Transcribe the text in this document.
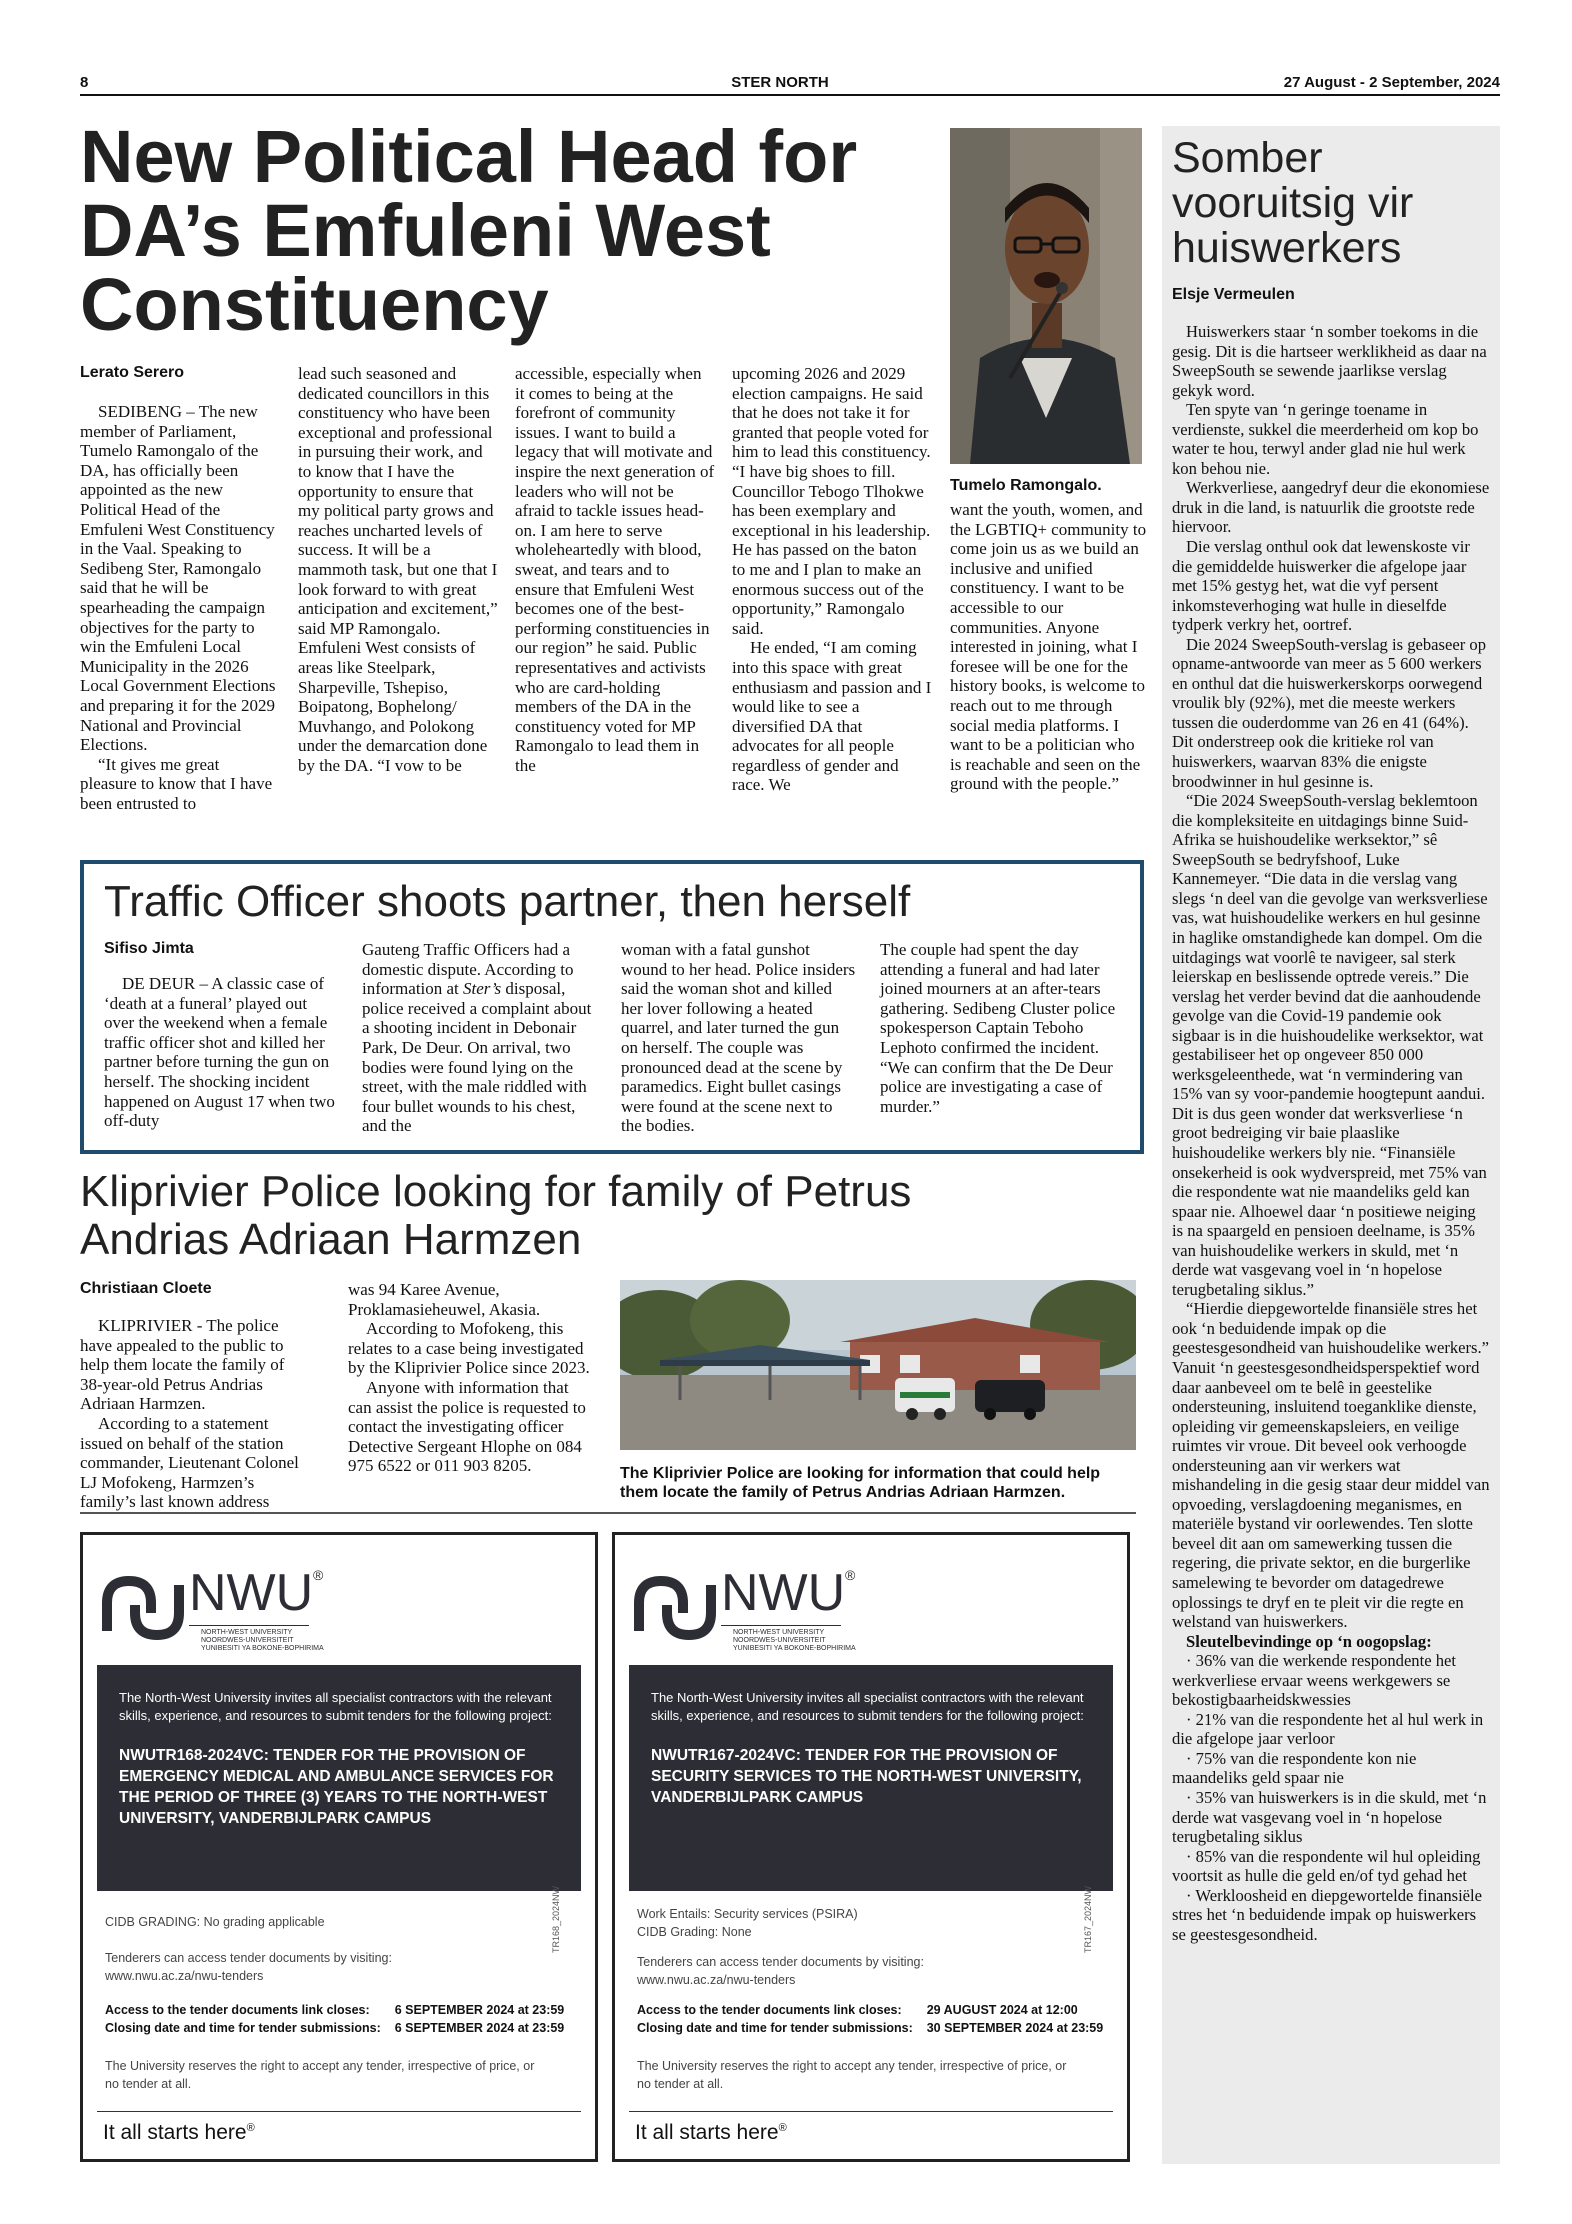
8	STER NORTH	27 August - 2 September, 2024
New Political Head for
DA’s Emfuleni West
Constituency
Tumelo Ramongalo.
Lerato Serero

SEDIBENG – The new member of Parliament, Tumelo Ramongalo of the DA, has officially been appointed as the new Political Head of the Emfuleni West Constituency in the Vaal. Speaking to Sedibeng Ster, Ramongalo said that he will be spearheading the campaign objectives for the party to win the Emfuleni Local Municipality in the 2026 Local Government Elections and preparing it for the 2029 National and Provincial Elections.

“It gives me great pleasure to know that I have been entrusted to

lead such seasoned and dedicated councillors in this constituency who have been exceptional and professional in pursuing their work, and to know that I have the opportunity to ensure that my political party grows and reaches uncharted levels of success. It will be a mammoth task, but one that I look forward to with great anticipation and excitement,” said MP Ramongalo. Emfuleni West consists of areas like Steelpark, Sharpeville, Tshepiso, Boipatong, Bophelong/ Muvhango, and Polokong under the demarcation done by the DA. “I vow to be

accessible, especially when it comes to being at the forefront of community issues. I want to build a legacy that will motivate and inspire the next generation of leaders who will not be afraid to tackle issues head-on. I am here to serve wholeheartedly with blood, sweat, and tears and to ensure that Emfuleni West becomes one of the best-performing constituencies in our region” he said. Public representatives and activists who are card-holding members of the DA in the constituency voted for MP Ramongalo to lead them in the

upcoming 2026 and 2029 election campaigns. He said that he does not take it for granted that people voted for him to lead this constituency. “I have big shoes to fill. Councillor Tebogo Tlhokwe has been exemplary and exceptional in his leadership. He has passed on the baton to me and I plan to make an enormous success out of the opportunity,” Ramongalo said.

He ended, “I am coming into this space with great enthusiasm and passion and I would like to see a diversified DA that advocates for all people regardless of gender and race. We

want the youth, women, and the LGBTIQ+ community to come join us as we build an inclusive and unified constituency. I want to be accessible to our communities. Anyone interested in joining, what I foresee will be one for the history books, is welcome to reach out to me through social media platforms. I want to be a politician who is reachable and seen on the ground with the people.”

Traffic Officer shoots partner, then herself
Sifiso Jimta

DE DEUR – A classic case of ‘death at a funeral’ played out over the weekend when a female traffic officer shot and killed her partner before turning the gun on herself. The shocking incident happened on August 17 when two off-duty

Gauteng Traffic Officers had a domestic dispute. According to information at Ster’s disposal, police received a complaint about a shooting incident in Debonair Park, De Deur. On arrival, two bodies were found lying on the street, with the male riddled with four bullet wounds to his chest, and the

woman with a fatal gunshot wound to her head. Police insiders said the woman shot and killed her lover following a heated quarrel, and later turned the gun on herself. The couple was pronounced dead at the scene by paramedics. Eight bullet casings were found at the scene next to the bodies.

The couple had spent the day attending a funeral and had later joined mourners at an after-tears gathering. Sedibeng Cluster police spokesperson Captain Teboho Lephoto confirmed the incident. “We can confirm that the De Deur police are investigating a case of murder.”

Kliprivier Police looking for family of Petrus
Andrias Adriaan Harmzen
Christiaan Cloete

KLIPRIVIER - The police have appealed to the public to help them locate the family of 38-year-old Petrus Andrias Adriaan Harmzen.

According to a statement issued on behalf of the station commander, Lieutenant Colonel LJ Mofokeng, Harmzen’s family’s last known address

was 94 Karee Avenue, Proklamasieheuwel, Akasia.

According to Mofokeng, this relates to a case being investigated by the Kliprivier Police since 2023.

Anyone with information that can assist the police is requested to contact the investigating officer Detective Sergeant Hlophe on 084 975 6522 or 011 903 8205.	The Kliprivier Police are looking for information that could help them locate the family of Petrus Andrias Adriaan Harmzen.
NWU ®
NORTH-WEST UNIVERSITY
NOORDWES-UNIVERSITEIT
YUNIBESITI YA BOKONE-BOPHIRIMA
The North-West University invites all specialist contractors with the relevant skills, experience, and resources to submit tenders for the following project:
NWUTR168-2024VC: TENDER FOR THE PROVISION OF EMERGENCY MEDICAL AND AMBULANCE SERVICES FOR THE PERIOD OF THREE (3) YEARS TO THE NORTH-WEST UNIVERSITY, VANDERBIJLPARK CAMPUS
CIDB GRADING: No grading applicable
Tenderers can access tender documents by visiting:
www.nwu.ac.za/nwu-tenders
Access to the tender documents link closes:	6 SEPTEMBER 2024 at 23:59
Closing date and time for tender submissions:	6 SEPTEMBER 2024 at 23:59
The University reserves the right to accept any tender, irrespective of price, or no tender at all.
TR168_2024NW
It all starts here®
NWU ®
NORTH-WEST UNIVERSITY
NOORDWES-UNIVERSITEIT
YUNIBESITI YA BOKONE-BOPHIRIMA
The North-West University invites all specialist contractors with the relevant skills, experience, and resources to submit tenders for the following project:
NWUTR167-2024VC: TENDER FOR THE PROVISION OF SECURITY SERVICES TO THE NORTH-WEST UNIVERSITY, VANDERBIJLPARK CAMPUS
Work Entails: Security services (PSIRA)
CIDB Grading: None
Tenderers can access tender documents by visiting:
www.nwu.ac.za/nwu-tenders
Access to the tender documents link closes:	29 AUGUST 2024 at 12:00
Closing date and time for tender submissions:	30 SEPTEMBER 2024 at 23:59
The University reserves the right to accept any tender, irrespective of price, or no tender at all.
TR167_2024NW
It all starts here®
Somber
vooruitsig vir
huiswerkers
Elsje Vermeulen

Huiswerkers staar ‘n somber toekoms in die gesig. Dit is die hartseer werklikheid as daar na SweepSouth se sewende jaarlikse verslag gekyk word.

Ten spyte van ‘n geringe toename in verdienste, sukkel die meerderheid om kop bo water te hou, terwyl ander glad nie hul werk kon behou nie.

Werkverliese, aangedryf deur die ekonomiese druk in die land, is natuurlik die grootste rede hiervoor.

Die verslag onthul ook dat lewenskoste vir die gemiddelde huiswerker die afgelope jaar met 15% gestyg het, wat die vyf persent inkomsteverhoging wat hulle in dieselfde tydperk verkry het, oortref.

Die 2024 SweepSouth-verslag is gebaseer op opname-antwoorde van meer as 5 600 werkers en onthul dat die huiswerkerskorps oorwegend vroulik bly (92%), met die meeste werkers tussen die ouderdomme van 26 en 41 (64%). Dit onderstreep ook die kritieke rol van huiswerkers, waarvan 83% die enigste broodwinner in hul gesinne is.

“Die 2024 SweepSouth-verslag beklemtoon die kompleksiteite en uitdagings binne Suid-Afrika se huishoudelike werksektor,” sê SweepSouth se bedryfshoof, Luke Kannemeyer. “Die data in die verslag vang slegs ‘n deel van die gevolge van werksverliese vas, wat huishoudelike werkers en hul gesinne in haglike omstandighede kan dompel. Om die uitdagings wat voorlê te navigeer, sal sterk leierskap en beslissende optrede vereis.” Die verslag het verder bevind dat die aanhoudende gevolge van die Covid-19 pandemie ook sigbaar is in die huishoudelike werksektor, wat gestabiliseer het op ongeveer 850 000 werksgeleenthede, wat ‘n vermindering van 15% van sy voor-pandemie hoogtepunt aandui. Dit is dus geen wonder dat werksverliese ‘n groot bedreiging vir baie plaaslike huishoudelike werkers bly nie. “Finansiële onsekerheid is ook wydverspreid, met 75% van die respondente wat nie maandeliks geld kan spaar nie. Alhoewel daar ‘n positiewe neiging is na spaargeld en pensioen deelname, is 35% van huishoudelike werkers in skuld, met ‘n derde wat vasgevang voel in ‘n hopelose terugbetaling siklus.”

“Hierdie diepgewortelde finansiële stres het ook ‘n beduidende impak op die geestesgesondheid van huishoudelike werkers.” Vanuit ‘n geestesgesondheidsperspektief word daar aanbeveel om te belê in geestelike ondersteuning, insluitend toeganklike dienste, opleiding vir gemeenskapsleiers, en veilige ruimtes vir vroue. Dit beveel ook verhoogde ondersteuning aan vir werkers wat mishandeling in die gesig staar deur middel van opvoeding, verslagdoening meganismes, en materiële bystand vir oorlewendes. Ten slotte beveel dit aan om samewerking tussen die regering, die private sektor, en die burgerlike samelewing te bevorder om datagedrewe oplossings te dryf en te pleit vir die regte en welstand van huiswerkers.

Sleutelbevindinge op ‘n oogopslag:

· 36% van die werkende respondente het werkverliese ervaar weens werkgewers se bekostigbaarheidskwessies

· 21% van die respondente het al hul werk in die afgelope jaar verloor

· 75% van die respondente kon nie maandeliks geld spaar nie

· 35% van huiswerkers is in die skuld, met ‘n derde wat vasgevang voel in ‘n hopelose terugbetaling siklus

· 85% van die respondente wil hul opleiding voortsit as hulle die geld en/of tyd gehad het

· Werkloosheid en diepgewortelde finansiële stres het ‘n beduidende impak op huiswerkers se geestesgesondheid.
